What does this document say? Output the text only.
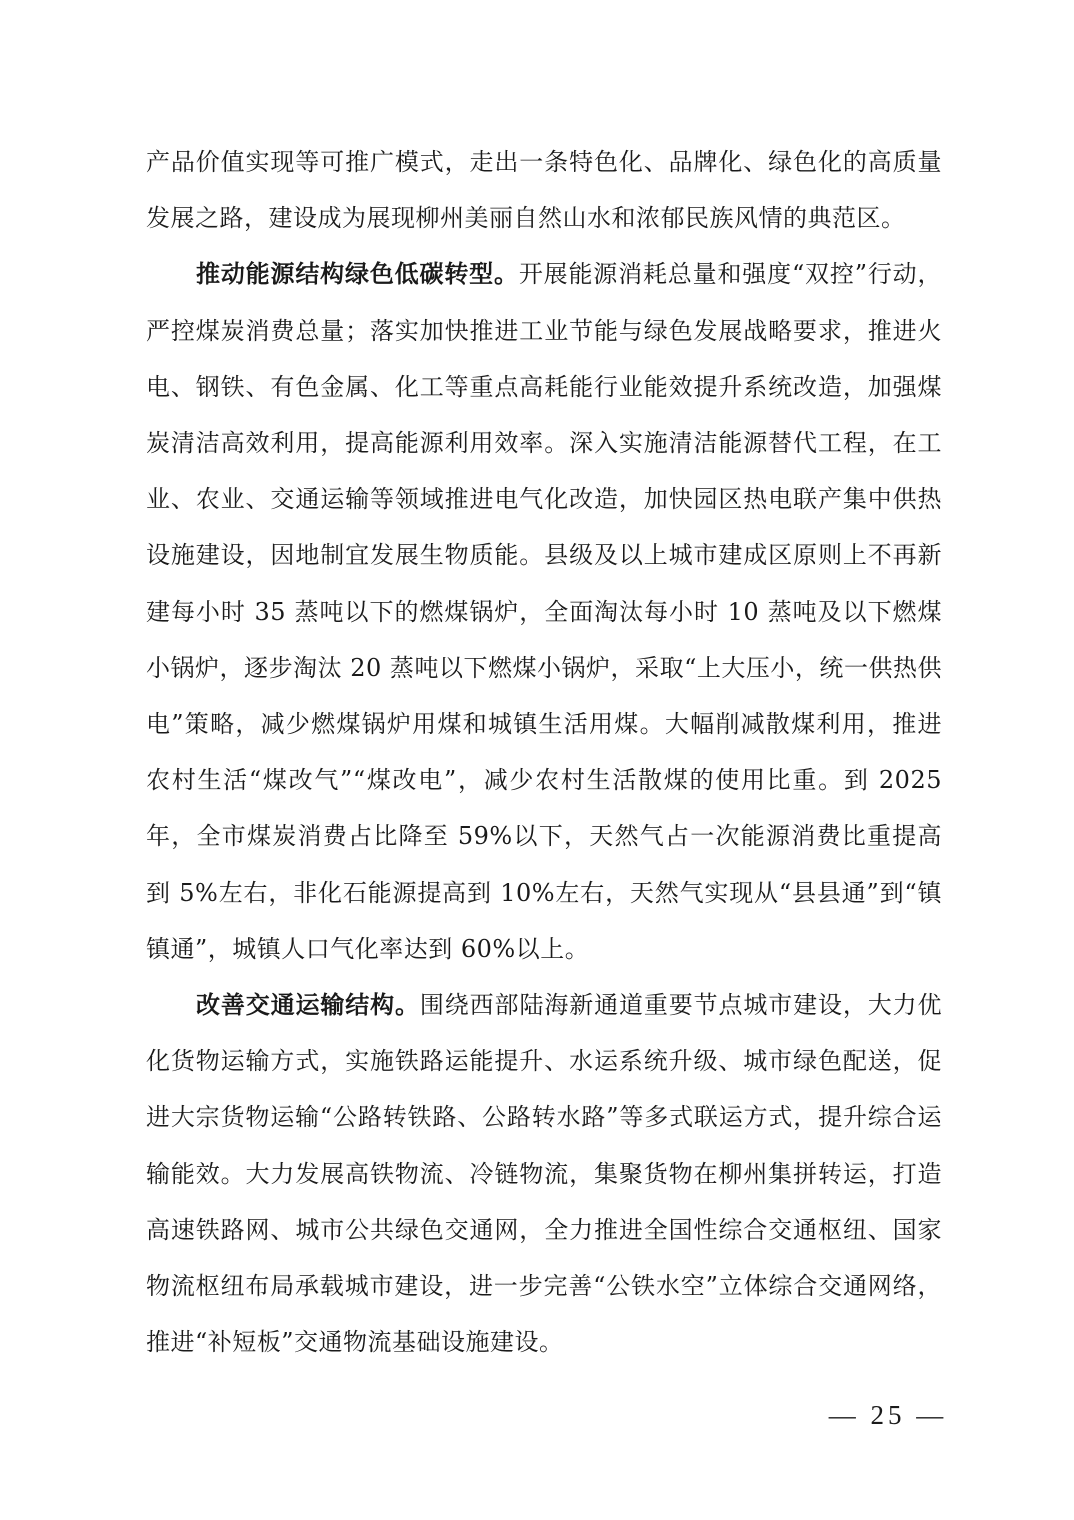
产品价值实现等可推广模式，走出一条特色化、品牌化、绿色化的高质量发展之路，建设成为展现柳州美丽自然山水和浓郁民族风情的典范区。

推动能源结构绿色低碳转型。开展能源消耗总量和强度“双控”行动，严控煤炭消费总量；落实加快推进工业节能与绿色发展战略要求，推进火电、钢铁、有色金属、化工等重点高耗能行业能效提升系统改造，加强煤炭清洁高效利用，提高能源利用效率。深入实施清洁能源替代工程，在工业、农业、交通运输等领域推进电气化改造，加快园区热电联产集中供热设施建设，因地制宜发展生物质能。县级及以上城市建成区原则上不再新建每小时 35 蒸吨以下的燃煤锅炉，全面淘汰每小时 10 蒸吨及以下燃煤小锅炉，逐步淘汰 20 蒸吨以下燃煤小锅炉，采取“上大压小，统一供热供电”策略，减少燃煤锅炉用煤和城镇生活用煤。大幅削减散煤利用，推进农村生活“煤改气”“煤改电”，减少农村生活散煤的使用比重。到 2025 年，全市煤炭消费占比降至 59%以下，天然气占一次能源消费比重提高到 5%左右，非化石能源提高到 10%左右，天然气实现从“县县通”到“镇镇通”，城镇人口气化率达到 60%以上。

改善交通运输结构。围绕西部陆海新通道重要节点城市建设，大力优化货物运输方式，实施铁路运能提升、水运系统升级、城市绿色配送，促进大宗货物运输“公路转铁路、公路转水路”等多式联运方式，提升综合运输能效。大力发展高铁物流、冷链物流，集聚货物在柳州集拼转运，打造高速铁路网、城市公共绿色交通网，全力推进全国性综合交通枢纽、国家物流枢纽布局承载城市建设，进一步完善“公铁水空”立体综合交通网络，推进“补短板”交通物流基础设施建设。

— 25 —
